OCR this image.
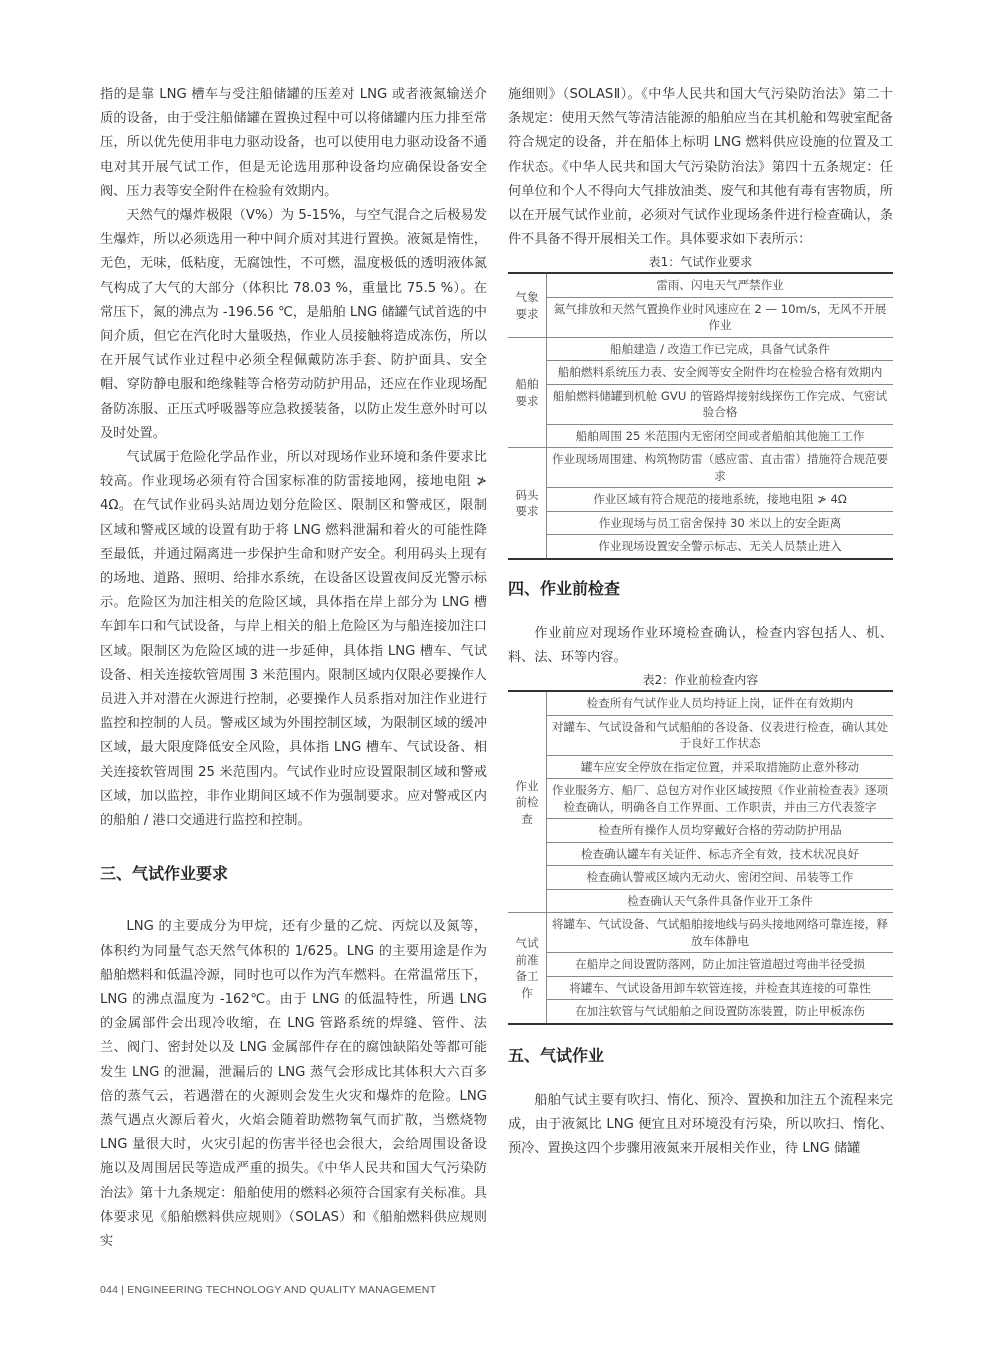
指的是靠 LNG 槽车与受注船储罐的压差对 LNG 或者液氮输送介质的设备，由于受注船储罐在置换过程中可以将储罐内压力排至常压，所以优先使用非电力驱动设备，也可以使用电力驱动设备不通电对其开展气试工作，但是无论选用那种设备均应确保设备安全阀、压力表等安全附件在检验有效期内。

天然气的爆炸极限（V%）为 5-15%，与空气混合之后极易发生爆炸，所以必须选用一种中间介质对其进行置换。液氮是惰性，无色，无味，低粘度，无腐蚀性，不可燃，温度极低的透明液体氮气构成了大气的大部分（体积比 78.03 %，重量比 75.5 %）。在常压下，氮的沸点为 -196.56 ℃，是船舶 LNG 储罐气试首选的中间介质，但它在汽化时大量吸热，作业人员接触将造成冻伤，所以在开展气试作业过程中必须全程佩戴防冻手套、防护面具、安全帽、穿防静电服和绝缘鞋等合格劳动防护用品，还应在作业现场配备防冻服、正压式呼吸器等应急救援装备，以防止发生意外时可以及时处置。

气试属于危险化学品作业，所以对现场作业环境和条件要求比较高。作业现场必须有符合国家标准的防雷接地网，接地电阻 ≯ 4Ω。在气试作业码头站周边划分危险区、限制区和警戒区，限制区域和警戒区域的设置有助于将 LNG 燃料泄漏和着火的可能性降至最低，并通过隔离进一步保护生命和财产安全。利用码头上现有的场地、道路、照明、给排水系统，在设备区设置夜间反光警示标示。危险区为加注相关的危险区域，具体指在岸上部分为 LNG 槽车卸车口和气试设备，与岸上相关的船上危险区为与船连接加注口区域。限制区为危险区域的进一步延伸，具体指 LNG 槽车、气试设备、相关连接软管周围 3 米范围内。限制区域内仅限必要操作人员进入并对潜在火源进行控制，必要操作人员系指对加注作业进行监控和控制的人员。警戒区域为外围控制区域，为限制区域的缓冲区域，最大限度降低安全风险，具体指 LNG 槽车、气试设备、相关连接软管周围 25 米范围内。气试作业时应设置限制区域和警戒区域，加以监控，非作业期间区域不作为强制要求。应对警戒区内的船舶 / 港口交通进行监控和控制。

三、气试作业要求

LNG 的主要成分为甲烷，还有少量的乙烷、丙烷以及氮等，体积约为同量气态天然气体积的 1/625。LNG 的主要用途是作为船舶燃料和低温冷源，同时也可以作为汽车燃料。在常温常压下，LNG 的沸点温度为 -162℃。由于 LNG 的低温特性，所遇 LNG 的金属部件会出现冷收缩，在 LNG 管路系统的焊缝、管件、法兰、阀门、密封处以及 LNG 金属部件存在的腐蚀缺陷处等都可能发生 LNG 的泄漏，泄漏后的 LNG 蒸气会形成比其体积大六百多倍的蒸气云，若遇潜在的火源则会发生火灾和爆炸的危险。LNG 蒸气遇点火源后着火，火焰会随着助燃物氧气而扩散，当燃烧物 LNG 量很大时，火灾引起的伤害半径也会很大，会给周围设备设施以及周围居民等造成严重的损失。《中华人民共和国大气污染防治法》第十九条规定：船舶使用的燃料必须符合国家有关标准。具体要求见《船舶燃料供应规则》（SOLAS）和《船舶燃料供应规则实

施细则》（SOLASⅡ）。《中华人民共和国大气污染防治法》第二十条规定：使用天然气等清洁能源的船舶应当在其机舱和驾驶室配备符合规定的设备，并在船体上标明 LNG 燃料供应设施的位置及工作状态。《中华人民共和国大气污染防治法》第四十五条规定：任何单位和个人不得向大气排放油类、废气和其他有毒有害物质，所以在开展气试作业前，必须对气试作业现场条件进行检查确认，条件不具备不得开展相关工作。具体要求如下表所示：

表1：气试作业要求
气象要求	雷雨、闪电天气严禁作业
	氮气排放和天然气置换作业时风速应在 2 — 10m/s，无风不开展作业
船舶要求	船舶建造 / 改造工作已完成，具备气试条件
	船舶燃料系统压力表、安全阀等安全附件均在检验合格有效期内
	船舶燃料储罐到机舱 GVU 的管路焊接射线探伤工作完成、气密试验合格
	船舶周围 25 米范围内无密闭空间或者船舶其他施工工作
码头要求	作业现场周围建、构筑物防雷（感应雷、直击雷）措施符合规范要求
	作业区域有符合规范的接地系统，接地电阻 ≯ 4Ω
	作业现场与员工宿舍保持 30 米以上的安全距离
	作业现场设置安全警示标志、无关人员禁止进入
四、作业前检查

作业前应对现场作业环境检查确认，检查内容包括人、机、料、法、环等内容。

表2：作业前检查内容
作业前检查	检查所有气试作业人员均持证上岗，证件在有效期内
	对罐车、气试设备和气试船舶的各设备、仪表进行检查，确认其处于良好工作状态
	罐车应安全停放在指定位置，并采取措施防止意外移动
	作业服务方、船厂、总包方对作业区域按照《作业前检查表》逐项检查确认，明确各自工作界面、工作职责，并由三方代表签字
	检查所有操作人员均穿戴好合格的劳动防护用品
	检查确认罐车有关证件、标志齐全有效，技术状况良好
	检查确认警戒区域内无动火、密闭空间、吊装等工作
	检查确认天气条件具备作业开工条件
气试前准备工作	将罐车、气试设备、气试船舶接地线与码头接地网络可靠连接，释放车体静电
	在船岸之间设置防落网，防止加注管道超过弯曲半径受损
	将罐车、气试设备用卸车软管连接，并检查其连接的可靠性
	在加注软管与气试船舶之间设置防冻装置，防止甲板冻伤
五、气试作业

船舶气试主要有吹扫、惰化、预冷、置换和加注五个流程来完成，由于液氮比 LNG 便宜且对环境没有污染，所以吹扫、惰化、预冷、置换这四个步骤用液氮来开展相关作业，待 LNG 储罐

044 | ENGINEERING TECHNOLOGY AND QUALITY MANAGEMENT
